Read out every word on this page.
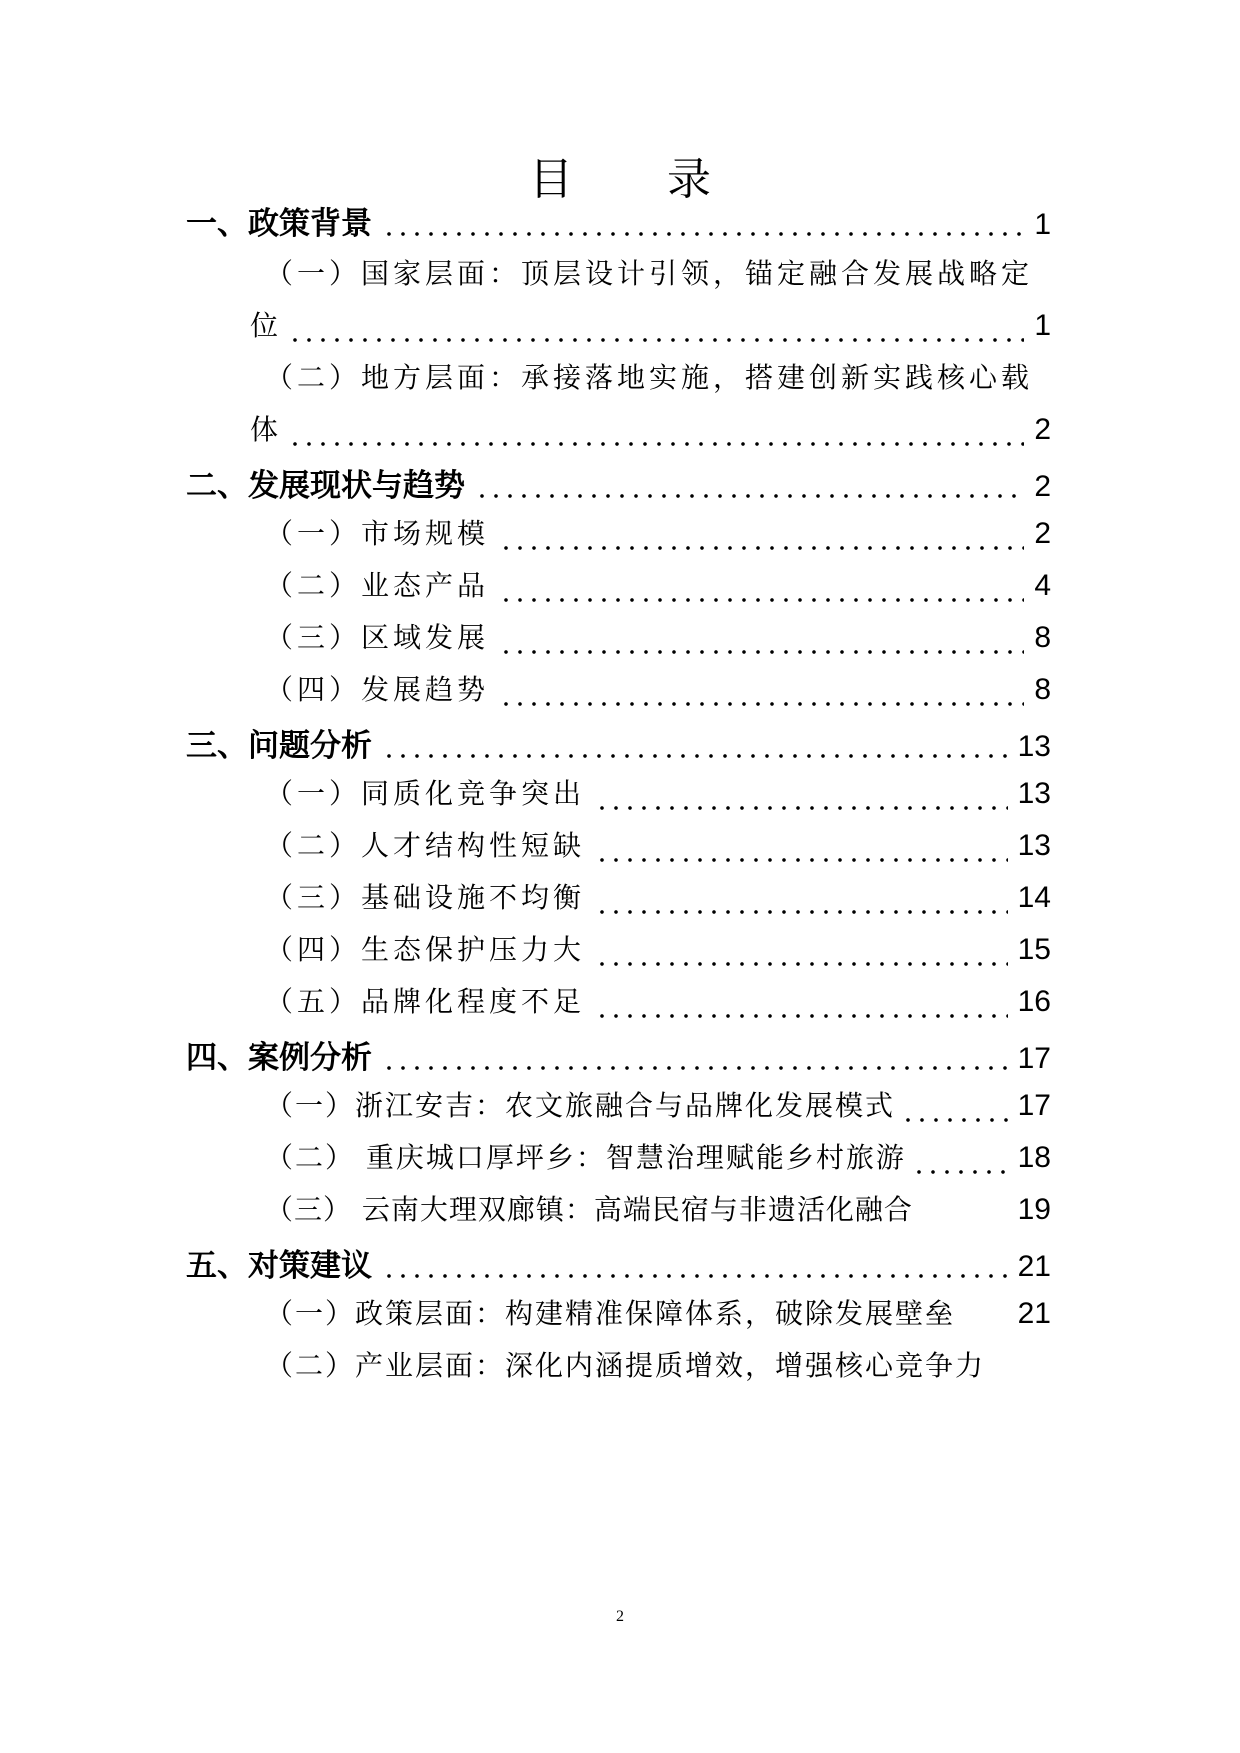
目 录
一、政策背景	1
（一）国家层面：顶层设计引领，锚定融合发展战略定
位	1
（二）地方层面：承接落地实施，搭建创新实践核心载
体	2
二、发展现状与趋势	2
（一）市场规模	2
（二）业态产品	4
（三）区域发展	8
（四）发展趋势	8
三、问题分析	13
（一）同质化竞争突出	13
（二）人才结构性短缺	13
（三）基础设施不均衡	14
（四）生态保护压力大	15
（五）品牌化程度不足	16
四、案例分析	17
（一）浙江安吉：农文旅融合与品牌化发展模式	17
（二） 重庆城口厚坪乡：智慧治理赋能乡村旅游	18
（三） 云南大理双廊镇：高端民宿与非遗活化融合	19
五、对策建议	21
（一）政策层面：构建精准保障体系，破除发展壁垒	21
（二）产业层面：深化内涵提质增效，增强核心竞争力
2
